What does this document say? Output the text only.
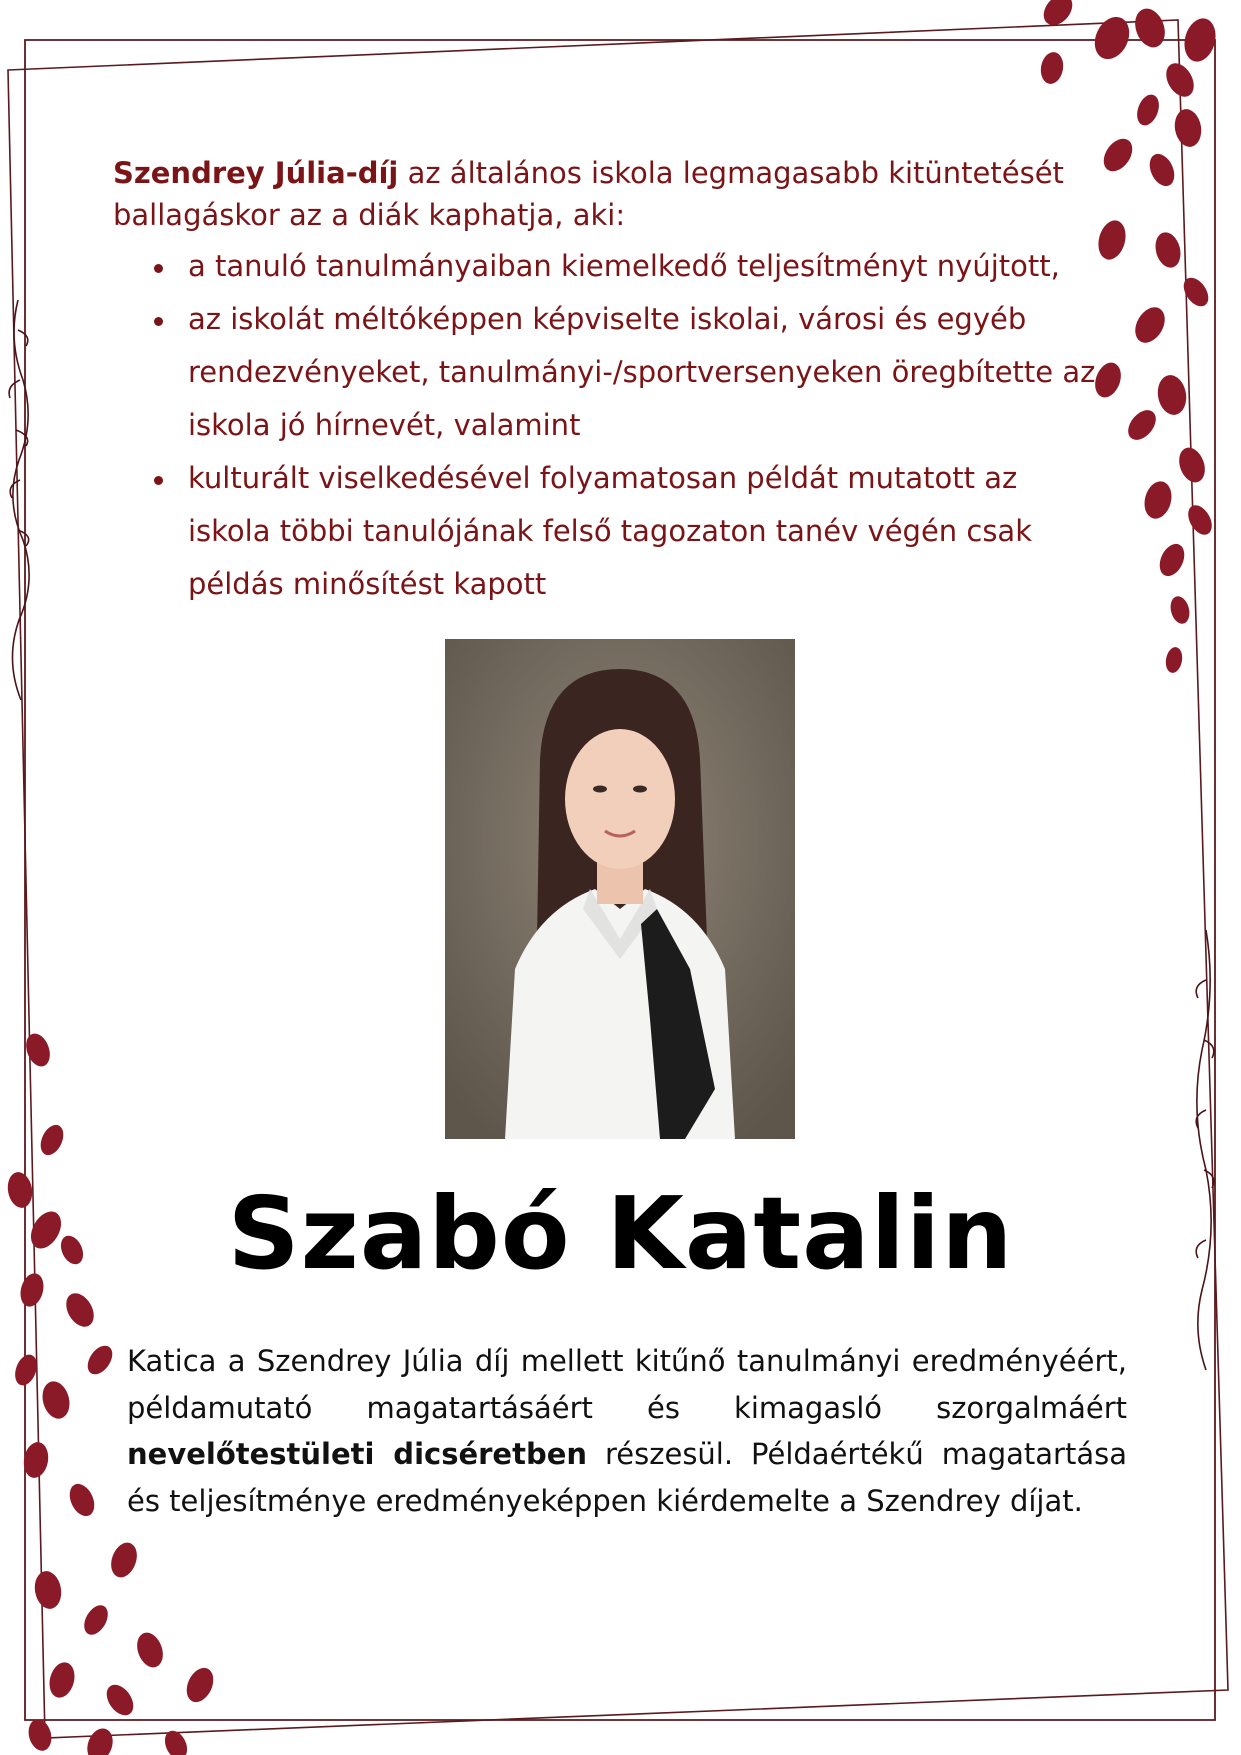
Szendrey Júlia-díj az általános iskola legmagasabb kitüntetését ballagáskor az a diák kaphatja, aki:

a tanuló tanulmányaiban kiemelkedő teljesítményt nyújtott,
az iskolát méltóképpen képviselte iskolai, városi és egyéb rendezvényeket, tanulmányi-/sportversenyeken öregbítette az iskola jó hírnevét, valamint
kulturált viselkedésével folyamatosan példát mutatott az iskola többi tanulójának felső tagozaton tanév végén csak példás minősítést kapott
Szabó Katalin

Katica a Szendrey Júlia díj mellett kitűnő tanulmányi eredményéért, példamutató magatartásáért és kimagasló szorgalmáért nevelőtestületi dicséretben részesül. Példaértékű magatartása és teljesítménye eredményeképpen kiérdemelte a Szendrey díjat.
